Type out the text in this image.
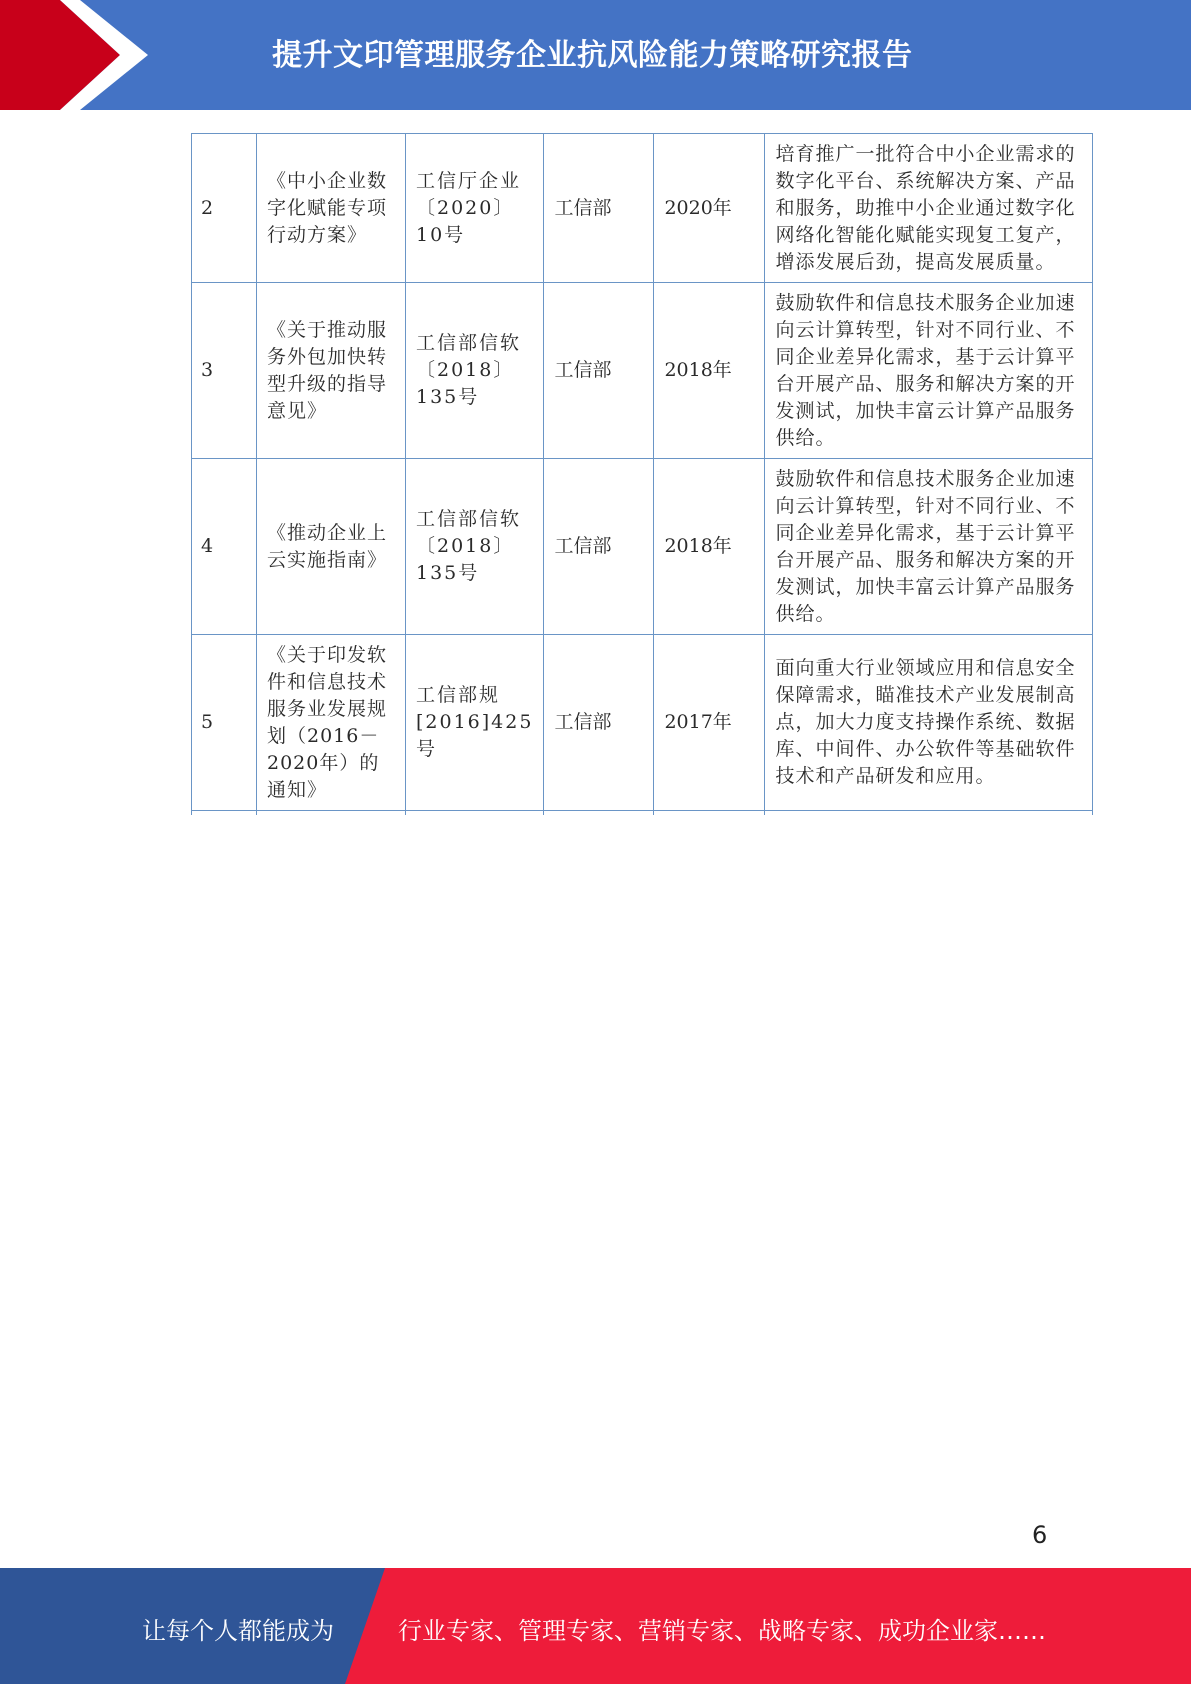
提升文印管理服务企业抗风险能力策略研究报告
2	《中小企业数字化赋能专项行动方案》	工信厅企业〔2020〕10号	工信部	2020年	培育推广一批符合中小企业需求的数字化平台、系统解决方案、产品和服务，助推中小企业通过数字化网络化智能化赋能实现复工复产，增添发展后劲，提高发展质量。
3	《关于推动服务外包加快转型升级的指导意见》	工信部信软〔2018〕135号	工信部	2018年	鼓励软件和信息技术服务企业加速向云计算转型，针对不同行业、不同企业差异化需求，基于云计算平台开展产品、服务和解决方案的开发测试，加快丰富云计算产品服务供给。
4	《推动企业上云实施指南》	工信部信软〔2018〕135号	工信部	2018年	鼓励软件和信息技术服务企业加速向云计算转型，针对不同行业、不同企业差异化需求，基于云计算平台开展产品、服务和解决方案的开发测试，加快丰富云计算产品服务供给。
5	《关于印发软件和信息技术服务业发展规划（2016－2020年）的通知》	工信部规[2016]425号	工信部	2017年	面向重大行业领域应用和信息安全保障需求，瞄准技术产业发展制高点，加大力度支持操作系统、数据库、中间件、办公软件等基础软件技术和产品研发和应用。

6
让每个人都能成为	行业专家、管理专家、营销专家、战略专家、成功企业家……
